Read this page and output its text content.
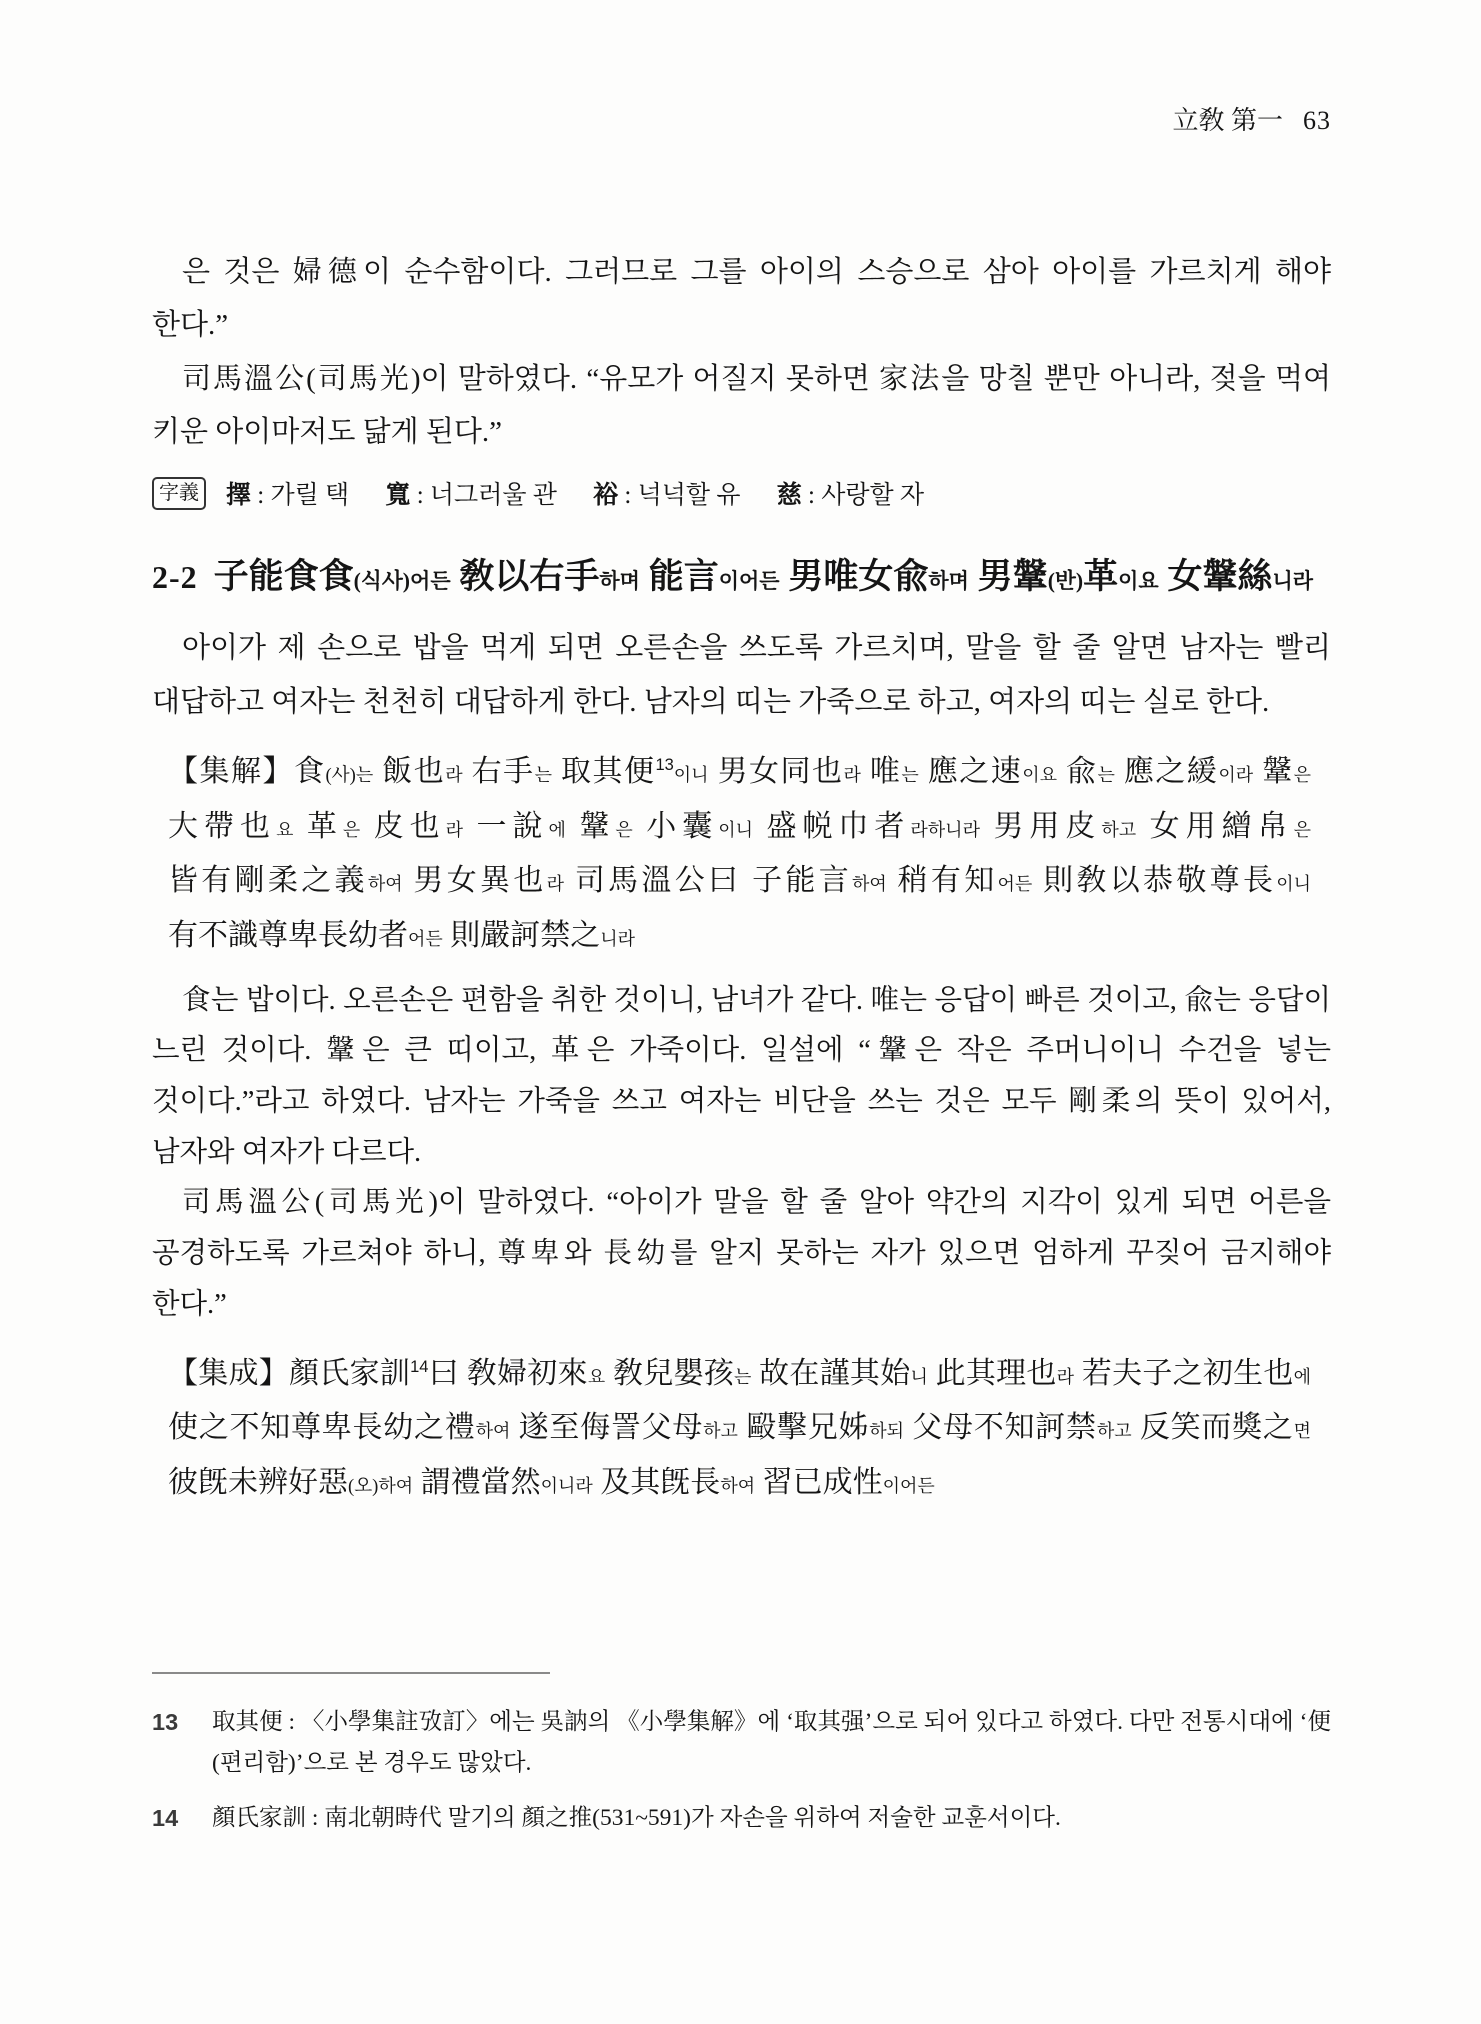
立敎 第一 63

은 것은 婦德이 순수함이다. 그러므로 그를 아이의 스승으로 삼아 아이를 가르치게 해야 한다.”

司馬溫公(司馬光)이 말하였다. “유모가 어질지 못하면 家法을 망칠 뿐만 아니라, 젖을 먹여 키운 아이마저도 닮게 된다.”

字義 擇 : 가릴 택 寬 : 너그러울 관 裕 : 넉넉할 유 慈 : 사랑할 자
2-2 子能食食(식사)어든 敎以右手하며 能言이어든 男唯女兪하며 男鞶(반)革이요 女鞶絲니라

아이가 제 손으로 밥을 먹게 되면 오른손을 쓰도록 가르치며, 말을 할 줄 알면 남자는 빨리 대답하고 여자는 천천히 대답하게 한다. 남자의 띠는 가죽으로 하고, 여자의 띠는 실로 한다.

【集解】食(사)는 飯也라 右手는 取其便$^{13}$이니 男女同也라 唯는 應之速이요 兪는 應之緩이라 鞶은 大帶也요 革은 皮也라 一說에 鞶은 小囊이니 盛帨巾者라하니라 男用皮하고 女用繒帛은 皆有剛柔之義하여 男女異也라 司馬溫公曰 子能言하여 稍有知어든 則敎以恭敬尊長이니 有不識尊卑長幼者어든 則嚴訶禁之니라

食는 밥이다. 오른손은 편함을 취한 것이니, 남녀가 같다. 唯는 응답이 빠른 것이고, 兪는 응답이 느린 것이다. 鞶은 큰 띠이고, 革은 가죽이다. 일설에 “鞶은 작은 주머니이니 수건을 넣는 것이다.”라고 하였다. 남자는 가죽을 쓰고 여자는 비단을 쓰는 것은 모두 剛柔의 뜻이 있어서, 남자와 여자가 다르다.

司馬溫公(司馬光)이 말하였다. “아이가 말을 할 줄 알아 약간의 지각이 있게 되면 어른을 공경하도록 가르쳐야 하니, 尊卑와 長幼를 알지 못하는 자가 있으면 엄하게 꾸짖어 금지해야 한다.”

【集成】顏氏家訓$^{14}$曰 敎婦初來요 敎兒嬰孩는 故在謹其始니 此其理也라 若夫子之初生也에 使之不知尊卑長幼之禮하여 遂至侮詈父母하고 毆擊兄姊하되 父母不知訶禁하고 反笑而獎之면 彼旣未辨好惡(오)하여 謂禮當然이니라 及其旣長하여 習已成性이어든
13	取其便 : 〈小學集註攷訂〉에는 吳訥의 《小學集解》에 ‘取其强’으로 되어 있다고 하였다. 다만 전통시대에 ‘便(편리함)’으로 본 경우도 많았다.
14	顏氏家訓 : 南北朝時代 말기의 顏之推(531~591)가 자손을 위하여 저술한 교훈서이다.
